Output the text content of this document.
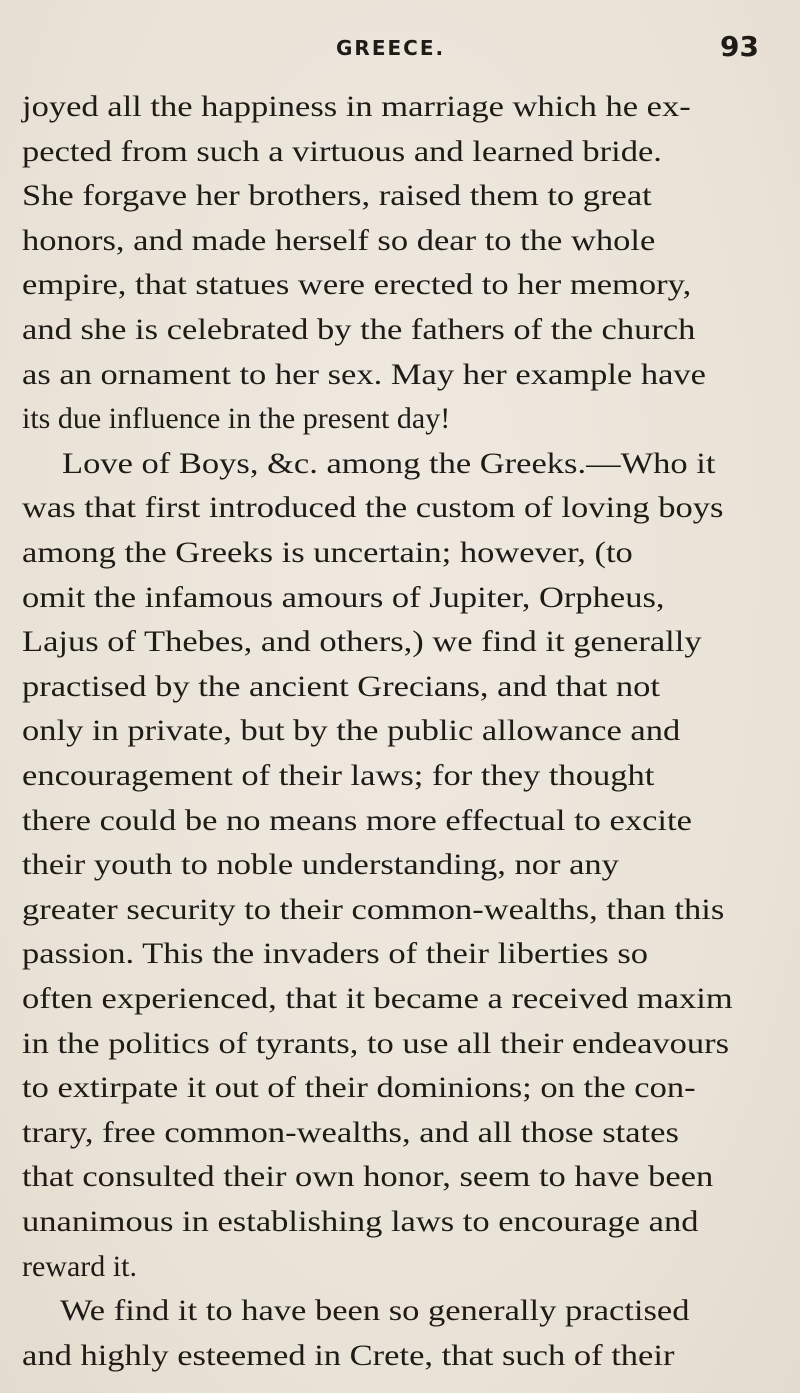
GREECE.	93
joyed all the happiness in marriage which he ex-
pected from such a virtuous and learned bride.
She forgave her brothers, raised them to great
honors, and made herself so dear to the whole
empire, that statues were erected to her memory,
and she is celebrated by the fathers of the church
as an ornament to her sex. May her example have
its due influence in the present day!
Love of Boys, &c. among the Greeks.—Who it
was that first introduced the custom of loving boys
among the Greeks is uncertain; however, (to
omit the infamous amours of Jupiter, Orpheus,
Lajus of Thebes, and others,) we find it generally
practised by the ancient Grecians, and that not
only in private, but by the public allowance and
encouragement of their laws; for they thought
there could be no means more effectual to excite
their youth to noble understanding, nor any
greater security to their common-wealths, than this
passion. This the invaders of their liberties so
often experienced, that it became a received maxim
in the politics of tyrants, to use all their endeavours
to extirpate it out of their dominions; on the con-
trary, free common-wealths, and all those states
that consulted their own honor, seem to have been
unanimous in establishing laws to encourage and
reward it.
We find it to have been so generally practised
and highly esteemed in Crete, that such of their
